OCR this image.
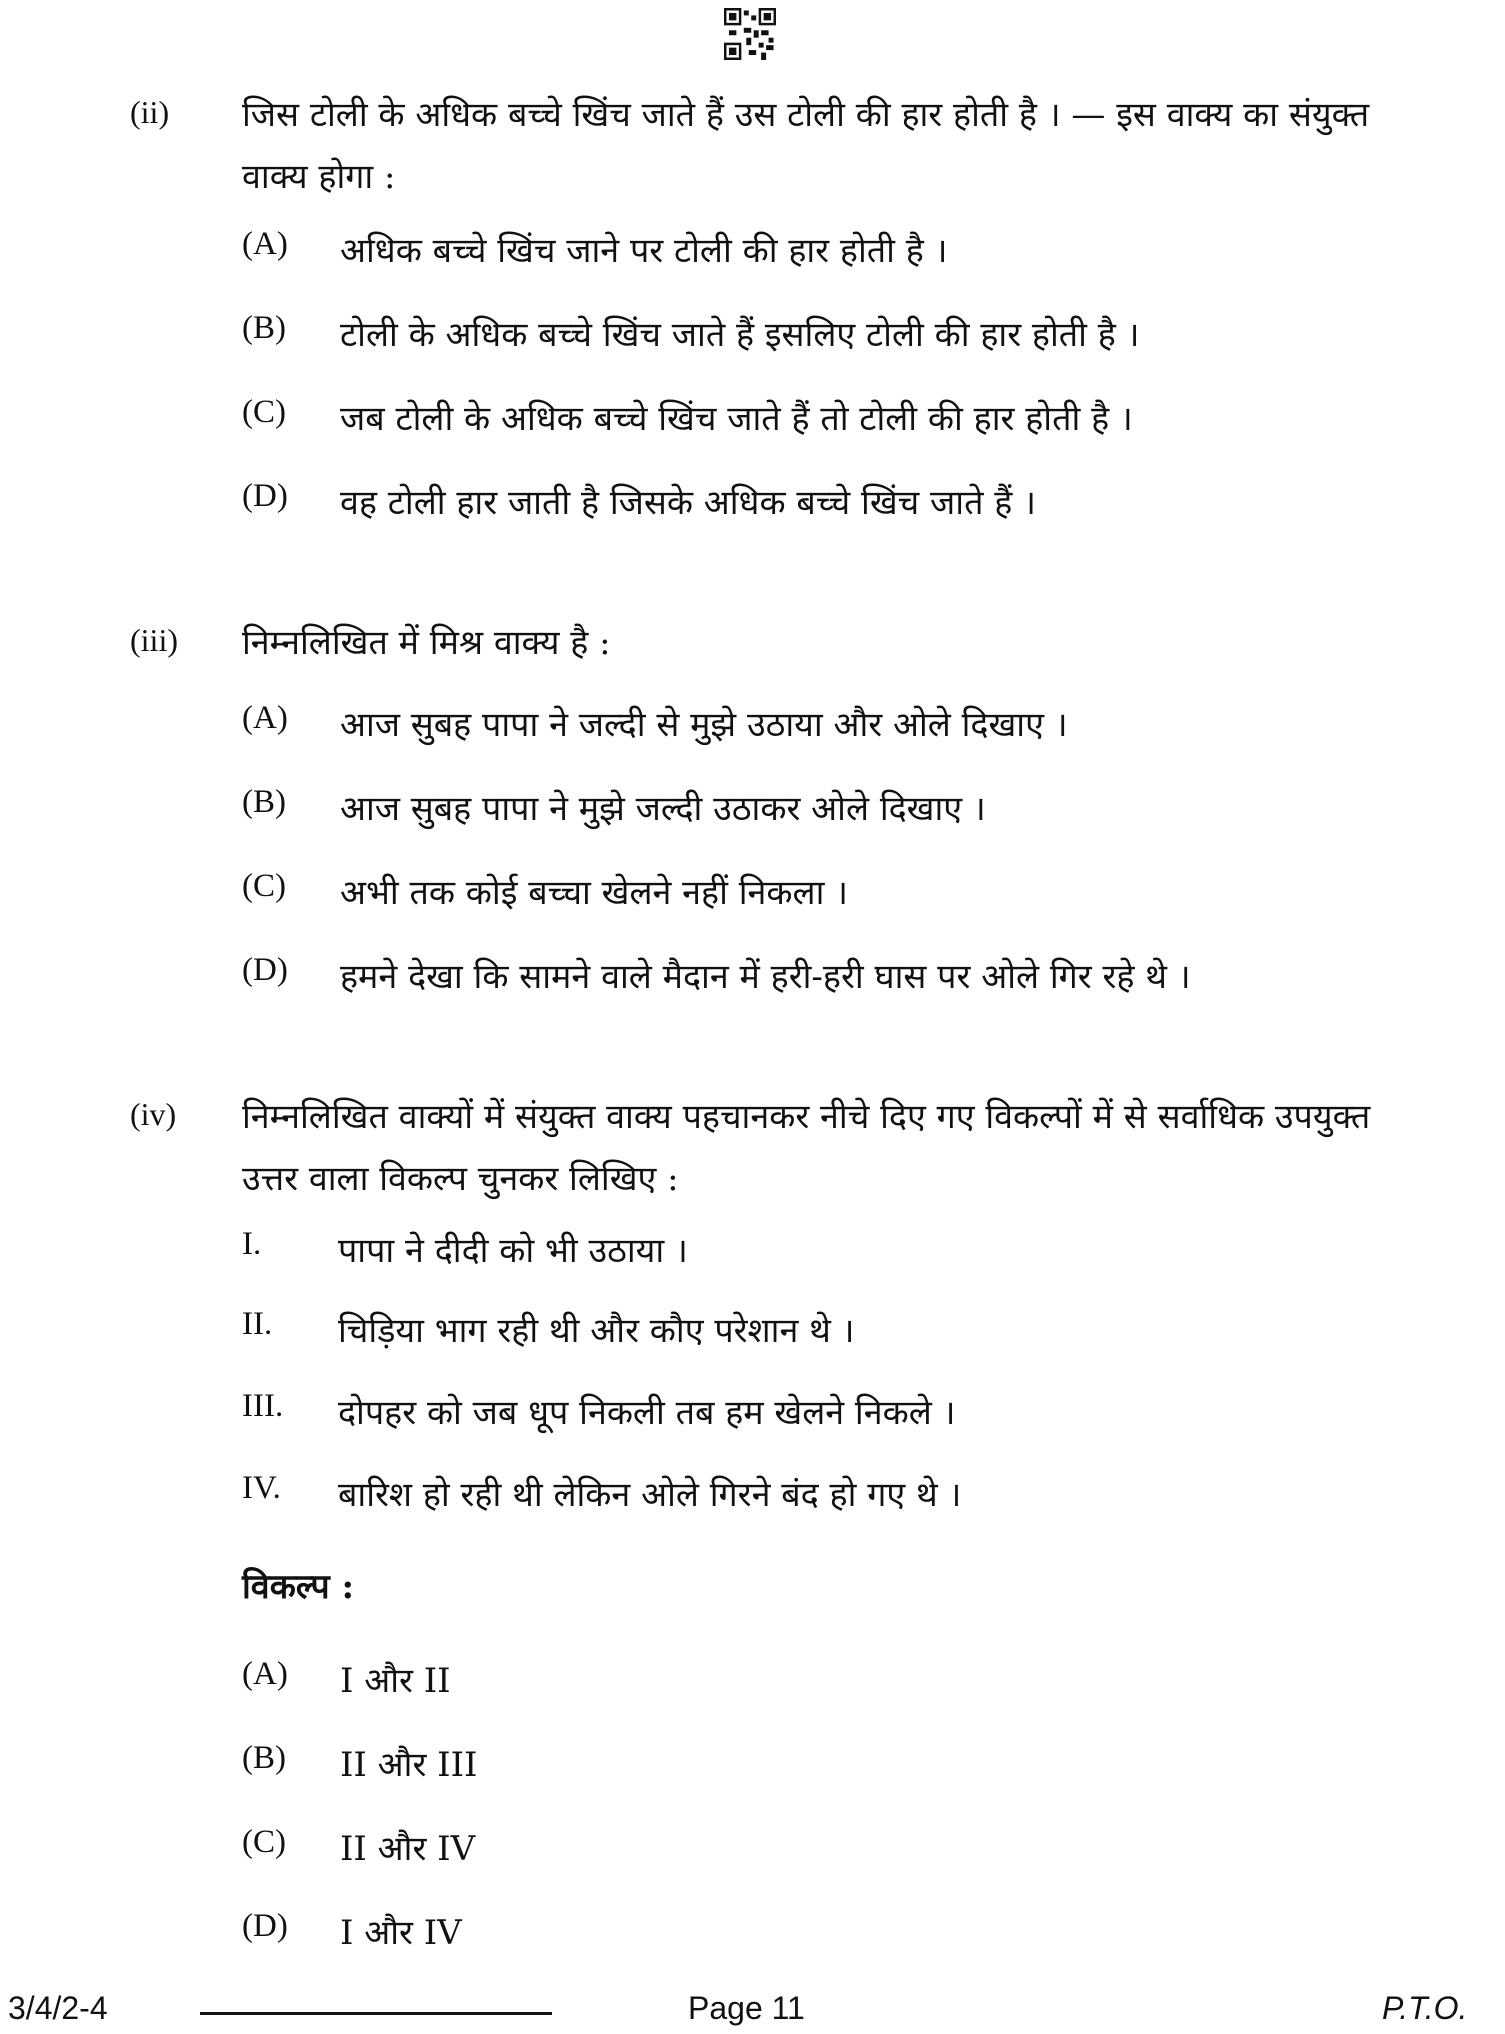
(ii) जिस टोली के अधिक बच्चे खिंच जाते हैं उस टोली की हार होती है । — इस वाक्य का संयुक्त वाक्य होगा :
(A) अधिक बच्चे खिंच जाने पर टोली की हार होती है ।
(B) टोली के अधिक बच्चे खिंच जाते हैं इसलिए टोली की हार होती है ।
(C) जब टोली के अधिक बच्चे खिंच जाते हैं तो टोली की हार होती है ।
(D) वह टोली हार जाती है जिसके अधिक बच्चे खिंच जाते हैं ।
(iii) निम्नलिखित में मिश्र वाक्य है :
(A) आज सुबह पापा ने जल्दी से मुझे उठाया और ओले दिखाए ।
(B) आज सुबह पापा ने मुझे जल्दी उठाकर ओले दिखाए ।
(C) अभी तक कोई बच्चा खेलने नहीं निकला ।
(D) हमने देखा कि सामने वाले मैदान में हरी-हरी घास पर ओले गिर रहे थे ।
(iv) निम्नलिखित वाक्यों में संयुक्त वाक्य पहचानकर नीचे दिए गए विकल्पों में से सर्वाधिक उपयुक्त उत्तर वाला विकल्प चुनकर लिखिए :
I. पापा ने दीदी को भी उठाया ।
II. चिड़िया भाग रही थी और कौए परेशान थे ।
III. दोपहर को जब धूप निकली तब हम खेलने निकले ।
IV. बारिश हो रही थी लेकिन ओले गिरने बंद हो गए थे ।
विकल्प :
(A) I और II
(B) II और III
(C) II और IV
(D) I और IV
3/4/2-4	Page 11	P.T.O.
